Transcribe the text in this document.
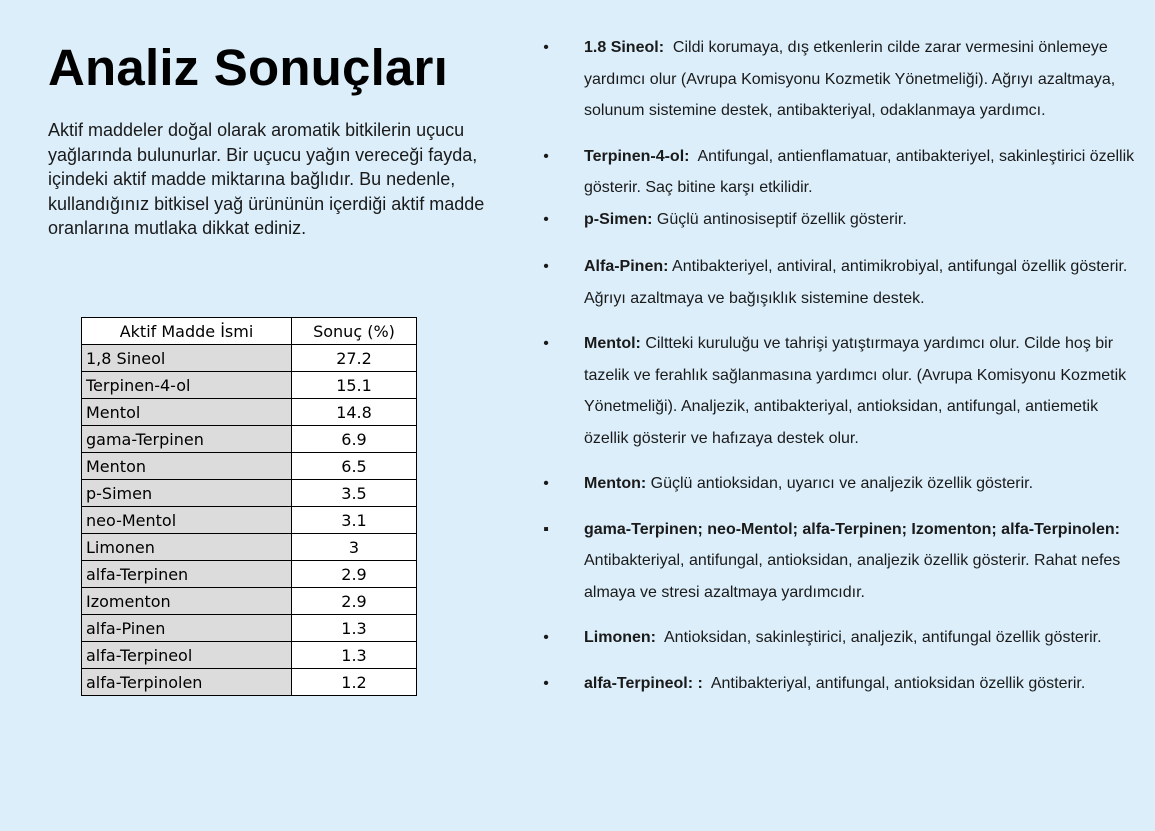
Analiz Sonuçları

Aktif maddeler doğal olarak aromatik bitkilerin uçucu yağlarında bulunurlar. Bir uçucu yağın vereceği fayda, içindeki aktif madde miktarına bağlıdır. Bu nedenle, kullandığınız bitkisel yağ ürününün içerdiği aktif madde oranlarına mutlaka dikkat ediniz.

Aktif Madde İsmi	Sonuç (%)
1,8 Sineol	27.2
Terpinen-4-ol	15.1
Mentol	14.8
gama-Terpinen	6.9
Menton	6.5
p-Simen	3.5
neo-Mentol	3.1
Limonen	3
alfa-Terpinen	2.9
Izomenton	2.9
alfa-Pinen	1.3
alfa-Terpineol	1.3
alfa-Terpinolen	1.2
• 1.8 Sineol:  Cildi korumaya, dış etkenlerin cilde zarar vermesini önlemeye yardımcı olur (Avrupa Komisyonu Kozmetik Yönetmeliği). Ağrıyı azaltmaya, solunum sistemine destek, antibakteriyal, odaklanmaya yardımcı.
• Terpinen-4-ol:  Antifungal, antienflamatuar, antibakteriyel, sakinleştirici özellik gösterir. Saç bitine karşı etkilidir.
• p-Simen: Güçlü antinosiseptif özellik gösterir.
• Alfa-Pinen: Antibakteriyel, antiviral, antimikrobiyal, antifungal özellik gösterir. Ağrıyı azaltmaya ve bağışıklık sistemine destek.
• Mentol: Ciltteki kuruluğu ve tahrişi yatıştırmaya yardımcı olur. Cilde hoş bir tazelik ve ferahlık sağlanmasına yardımcı olur. (Avrupa Komisyonu Kozmetik Yönetmeliği). Analjezik, antibakteriyal, antioksidan, antifungal, antiemetik özellik gösterir ve hafızaya destek olur.
• Menton: Güçlü antioksidan, uyarıcı ve analjezik özellik gösterir.
▪ gama-Terpinen; neo-Mentol; alfa-Terpinen; Izomenton; alfa-Terpinolen:  Antibakteriyal, antifungal, antioksidan, analjezik özellik gösterir. Rahat nefes almaya ve stresi azaltmaya yardımcıdır.
• Limonen:  Antioksidan, sakinleştirici, analjezik, antifungal özellik gösterir.
• alfa-Terpineol: :  Antibakteriyal, antifungal, antioksidan özellik gösterir.
